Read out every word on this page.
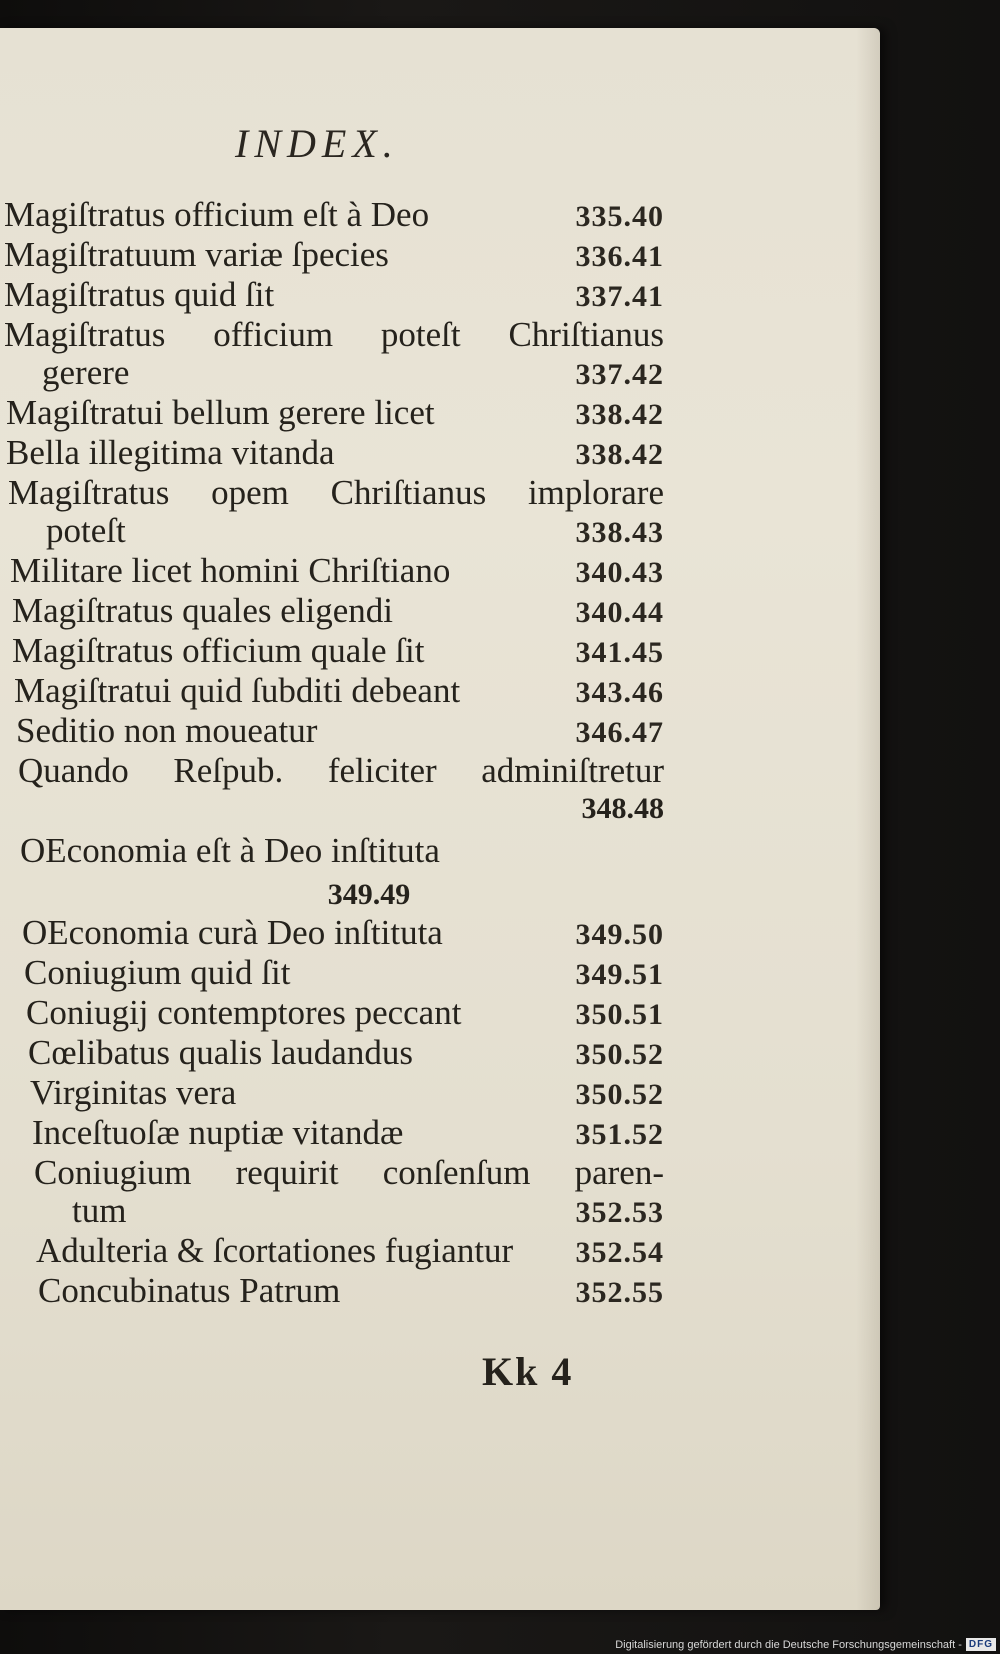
INDEX.
Magiſtratus officium eſt à Deo	335.40
Magiſtratuum variæ ſpecies	336.41
Magiſtratus quid ſit	337.41
Magiſtratus officium poteſt Chriſtianus
gerere	337.42
Magiſtratui bellum gerere licet	338.42
Bella illegitima vitanda	338.42
Magiſtratus opem Chriſtianus implorare
poteſt	338.43
Militare licet homini Chriſtiano	340.43
Magiſtratus quales eligendi	340.44
Magiſtratus officium quale ſit	341.45
Magiſtratui quid ſubditi debeant	343.46
Seditio non moueatur	346.47
Quando Reſpub. feliciter adminiſtretur
348.48
OEconomia eſt à Deo inſtituta
349.49
OEconomia curà Deo inſtituta	349.50
Coniugium quid ſit	349.51
Coniugij contemptores peccant	350.51
Cœlibatus qualis laudandus	350.52
Virginitas vera	350.52
Inceſtuoſæ nuptiæ vitandæ	351.52
Coniugium requirit conſenſum paren-
tum	352.53
Adulteria & ſcortationes fugiantur 352.54
Concubinatus Patrum	352.55

Kk 4

Digitalisierung gefördert durch die Deutsche Forschungsgemeinschaft - DFG
